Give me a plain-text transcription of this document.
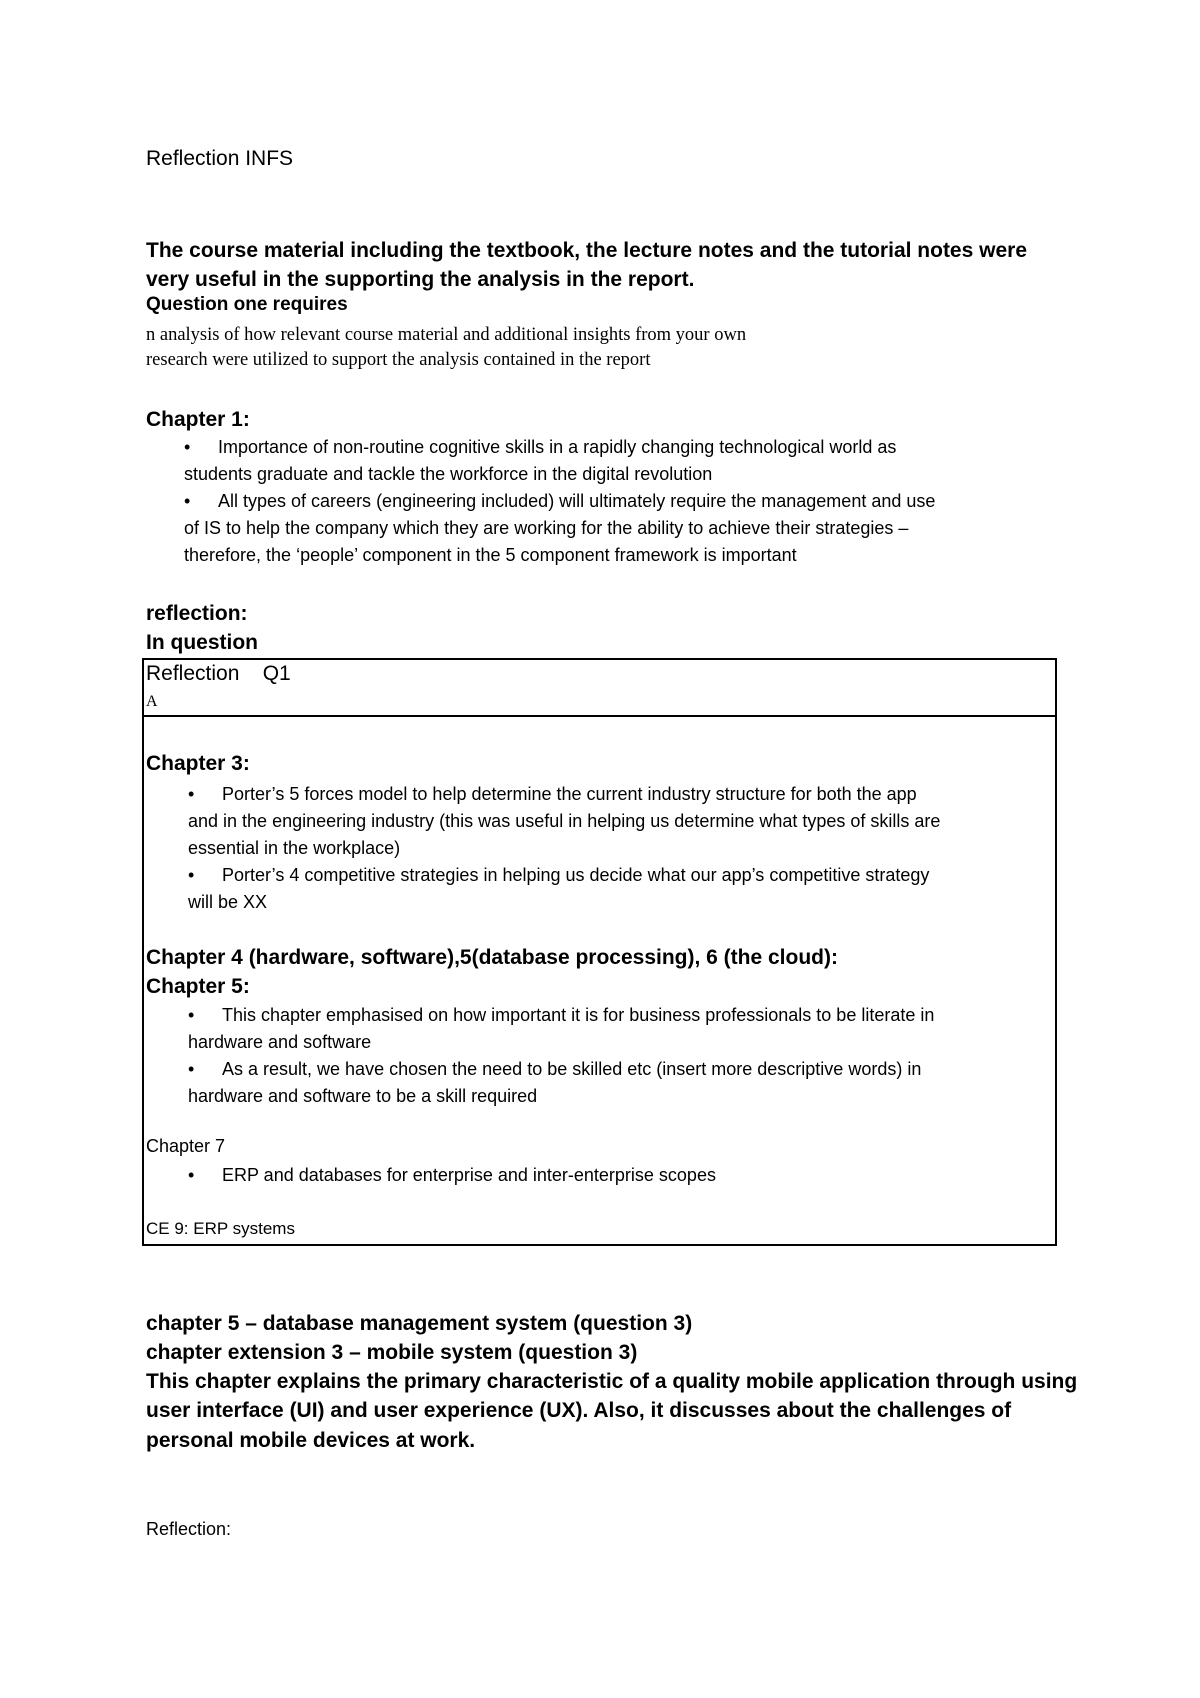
Reflection INFS
The course material including the textbook, the lecture notes and the tutorial notes were very useful in the supporting the analysis in the report.
Question one requires
n analysis of how relevant course material and additional insights from your own
research were utilized to support the analysis contained in the report
Chapter 1:
•	Importance of non-routine cognitive skills in a rapidly changing technological world as
students graduate and tackle the workforce in the digital revolution
•	All types of careers (engineering included) will ultimately require the management and use
of IS to help the company which they are working for the ability to achieve their strategies –
therefore, the ‘people’ component in the 5 component framework is important
reflection:
In question
Reflection    Q1
A
Chapter 3:
•	Porter’s 5 forces model to help determine the current industry structure for both the app
and in the engineering industry (this was useful in helping us determine what types of skills are
essential in the workplace)
•	Porter’s 4 competitive strategies in helping us decide what our app’s competitive strategy
will be XX
Chapter 4 (hardware, software),5(database processing), 6 (the cloud):
Chapter 5:
•	This chapter emphasised on how important it is for business professionals to be literate in
hardware and software
•	As a result, we have chosen the need to be skilled etc (insert more descriptive words) in
hardware and software to be a skill required
Chapter 7
•	ERP and databases for enterprise and inter-enterprise scopes
CE 9: ERP systems
chapter 5 – database management system (question 3)
chapter extension 3 – mobile system (question 3)
This chapter explains the primary characteristic of a quality mobile application through using
user interface (UI) and user experience (UX). Also, it discusses about the challenges of
personal mobile devices at work.
Reflection:
